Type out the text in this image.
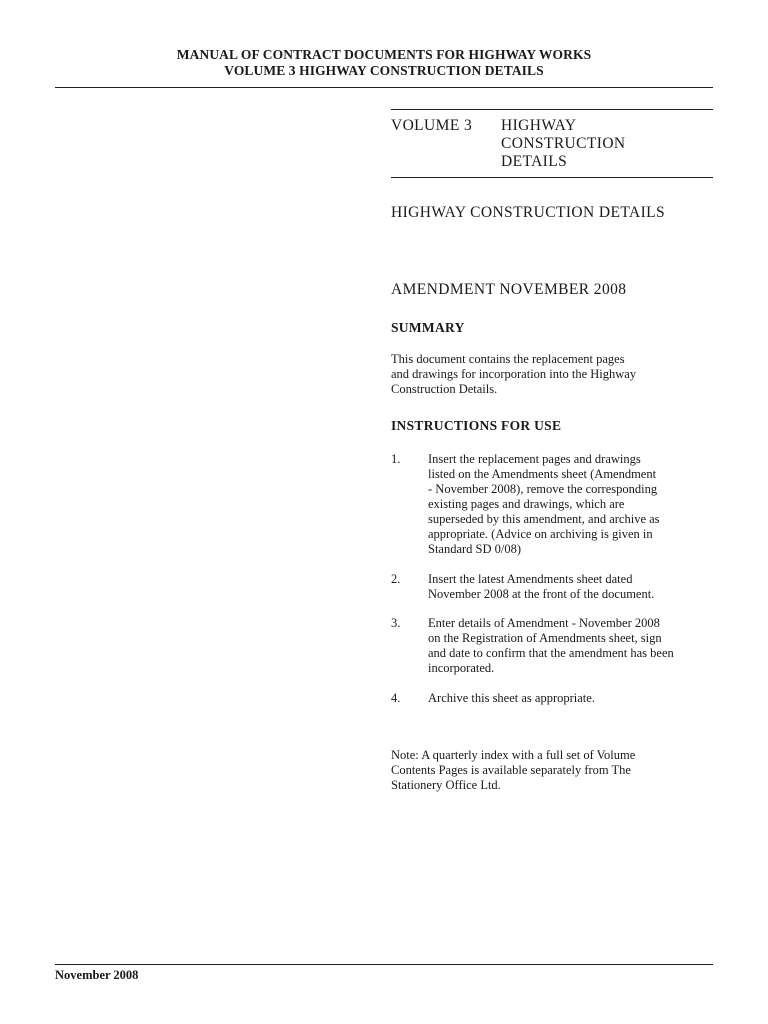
MANUAL OF CONTRACT DOCUMENTS FOR HIGHWAY WORKS
VOLUME 3 HIGHWAY CONSTRUCTION DETAILS
VOLUME 3 HIGHWAY
CONSTRUCTION
DETAILS
HIGHWAY CONSTRUCTION DETAILS
AMENDMENT NOVEMBER 2008
SUMMARY
This document contains the replacement pages
and drawings for incorporation into the Highway
Construction Details.
INSTRUCTIONS FOR USE
1. Insert the replacement pages and drawings
listed on the Amendments sheet (Amendment
- November 2008), remove the corresponding
existing pages and drawings, which are
superseded by this amendment, and archive as
appropriate. (Advice on archiving is given in
Standard SD 0/08)
2. Insert the latest Amendments sheet dated
November 2008 at the front of the document.
3. Enter details of Amendment - November 2008
on the Registration of Amendments sheet, sign
and date to confirm that the amendment has been
incorporated.
4. Archive this sheet as appropriate.
Note: A quarterly index with a full set of Volume
Contents Pages is available separately from The
Stationery Office Ltd.
November 2008
